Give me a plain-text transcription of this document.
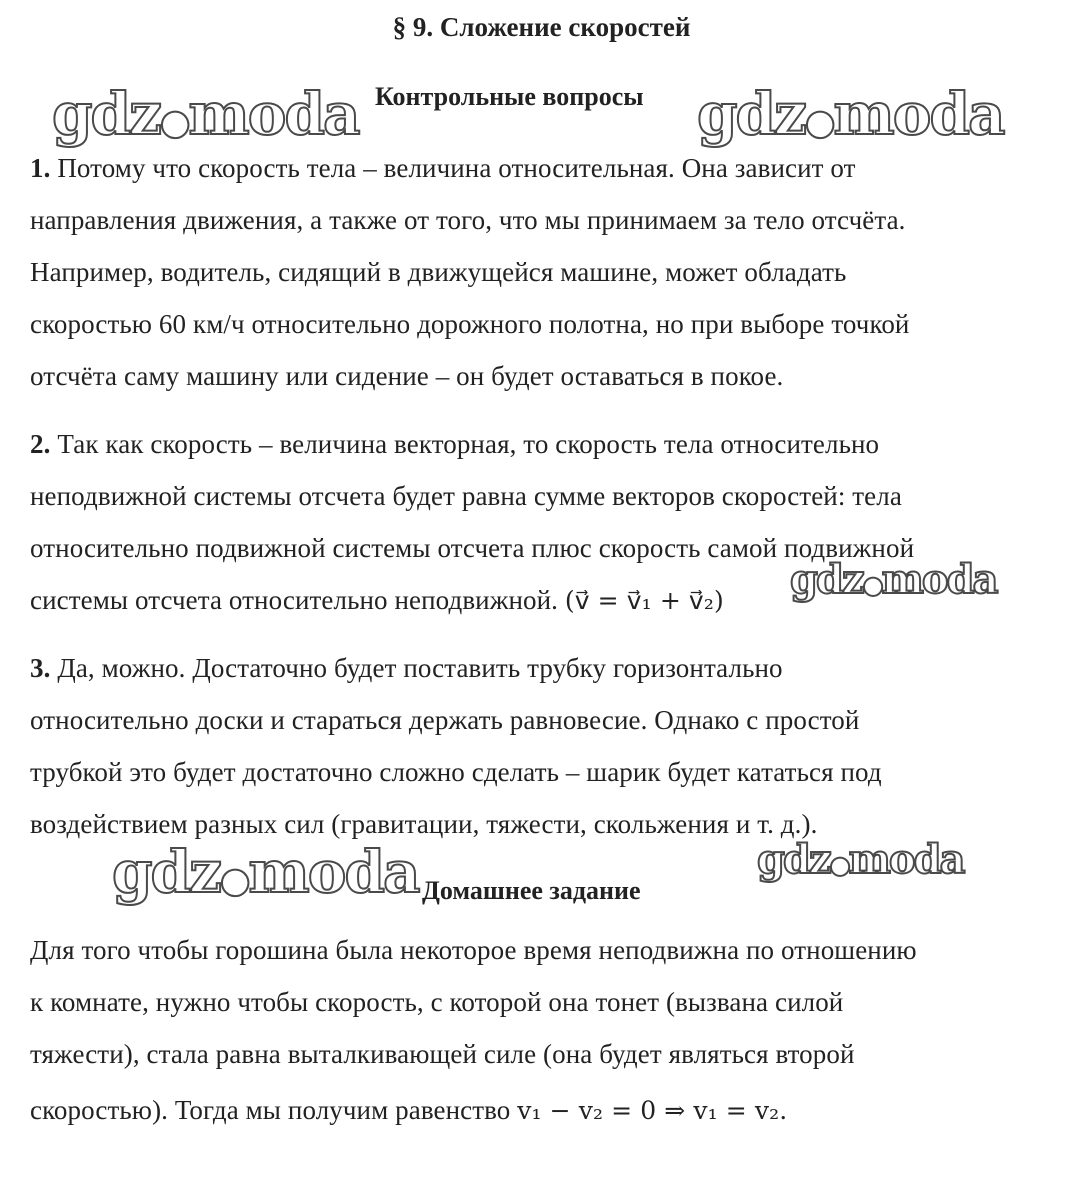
§ 9. Сложение скоростей
Контрольные вопросы
1. Потому что скорость тела – величина относительная. Она зависит от
направления движения, а также от того, что мы принимаем за тело отсчёта.
Например, водитель, сидящий в движущейся машине, может обладать
скоростью 60 км/ч относительно дорожного полотна, но при выборе точкой
отсчёта саму машину или сидение – он будет оставаться в покое.
2. Так как скорость – величина векторная, то скорость тела относительно
неподвижной системы отсчета будет равна сумме векторов скоростей: тела
относительно подвижной системы отсчета плюс скорость самой подвижной
системы отсчета относительно неподвижной. (v⃗ = v⃗₁ + v⃗₂)
3. Да, можно. Достаточно будет поставить трубку горизонтально
относительно доски и стараться держать равновесие. Однако с простой
трубкой это будет достаточно сложно сделать – шарик будет кататься под
воздействием разных сил (гравитации, тяжести, скольжения и т. д.).
Домашнее задание
Для того чтобы горошина была некоторое время неподвижна по отношению
к комнате, нужно чтобы скорость, с которой она тонет (вызвана силой
тяжести), стала равна выталкивающей силе (она будет являться второй
скоростью). Тогда мы получим равенство v₁ − v₂ = 0 ⇒ v₁ = v₂.
gdz●moda	gdz●moda
gdz●moda
gdz●moda	gdz●moda
